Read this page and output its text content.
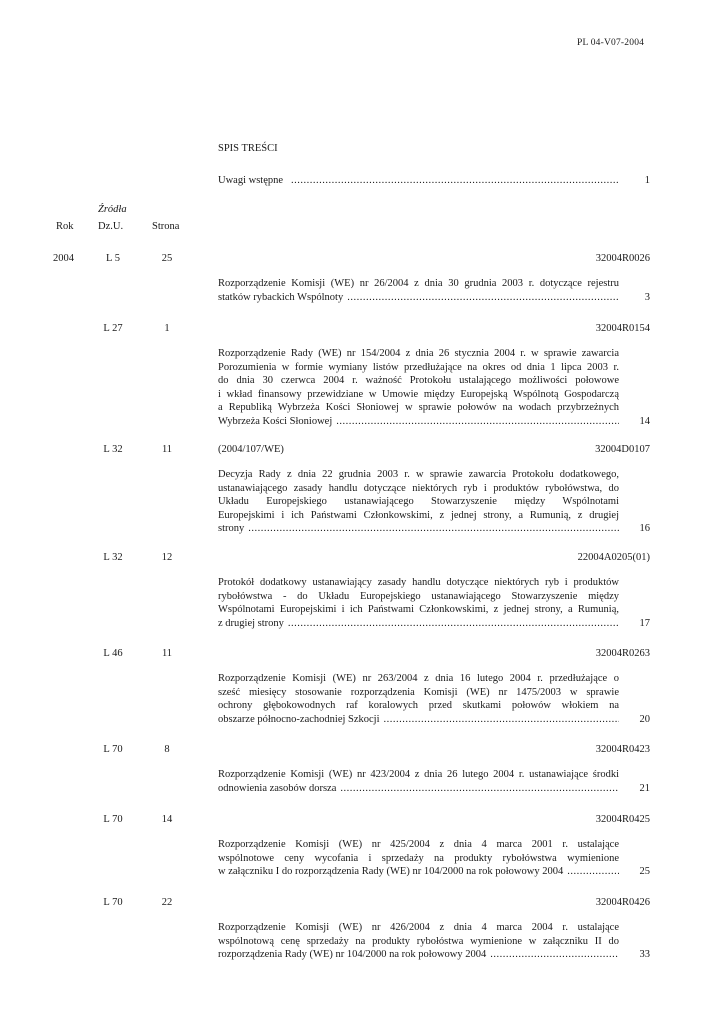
PL 04-V07-2004
SPIS TREŚCI
Uwagi wstępne .....	1
Źródła
Rok Dz.U.	Strona
2004	L 5	25	32004R0026
Rozporządzenie Komisji (WE) nr 26/2004 z dnia 30 grudnia 2003 r. dotyczące rejestru
statków rybackich Wspólnoty .....	3
L 27	1	32004R0154
Rozporządzenie Rady (WE) nr 154/2004 z dnia 26 stycznia 2004 r. w sprawie zawarcia
Porozumienia w formie wymiany listów przedłużające na okres od dnia 1 lipca 2003 r.
do dnia 30 czerwca 2004 r. ważność Protokołu ustalającego możliwości połowowe
i wkład finansowy przewidziane w Umowie między Europejską Wspólnotą Gospodarczą
a Republiką Wybrzeża Kości Słoniowej w sprawie połowów na wodach przybrzeżnych
Wybrzeża Kości Słoniowej .....	14
L 32	11	(2004/107/WE)	32004D0107
Decyzja Rady z dnia 22 grudnia 2003 r. w sprawie zawarcia Protokołu dodatkowego,
ustanawiającego zasady handlu dotyczące niektórych ryb i produktów rybołówstwa, do
Układu Europejskiego ustanawiającego Stowarzyszenie między Wspólnotami
Europejskimi i ich Państwami Członkowskimi, z jednej strony, a Rumunią, z drugiej
strony .....	16
L 32	12	22004A0205(01)
Protokół dodatkowy ustanawiający zasady handlu dotyczące niektórych ryb i produktów
rybołówstwa - do Układu Europejskiego ustanawiającego Stowarzyszenie między
Wspólnotami Europejskimi i ich Państwami Członkowskimi, z jednej strony, a Rumunią,
z drugiej strony .....	17
L 46	11	32004R0263
Rozporządzenie Komisji (WE) nr 263/2004 z dnia 16 lutego 2004 r. przedłużające o
sześć miesięcy stosowanie rozporządzenia Komisji (WE) nr 1475/2003 w sprawie
ochrony głębokowodnych raf koralowych przed skutkami połowów włokiem na
obszarze północno-zachodniej Szkocji .....	20
L 70	8	32004R0423
Rozporządzenie Komisji (WE) nr 423/2004 z dnia 26 lutego 2004 r. ustanawiające środki
odnowienia zasobów dorsza .....	21
L 70	14	32004R0425
Rozporządzenie Komisji (WE) nr 425/2004 z dnia 4 marca 2001 r. ustalające
wspólnotowe ceny wycofania i sprzedaży na produkty rybołówstwa wymienione
w załączniku I do rozporządzenia Rady (WE) nr 104/2000 na rok połowowy 2004 .....	25
L 70	22	32004R0426
Rozporządzenie Komisji (WE) nr 426/2004 z dnia 4 marca 2004 r. ustalające
wspólnotową cenę sprzedaży na produkty rybołóstwa wymienione w załączniku II do
rozporządzenia Rady (WE) nr 104/2000 na rok połowowy 2004 .....	33
